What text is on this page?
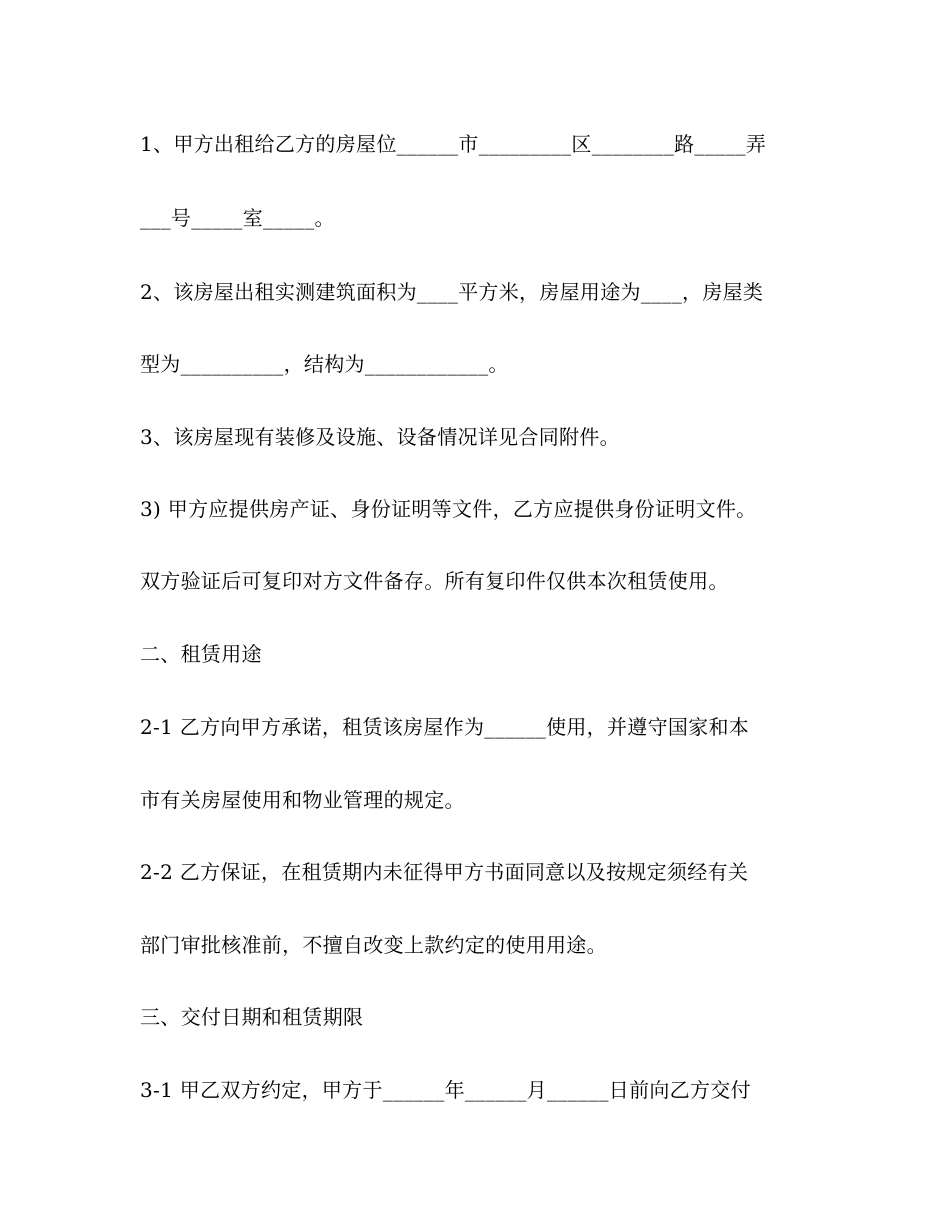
1、甲方出租给乙方的房屋位______市_________区________路_____弄

___号_____室_____。

2、该房屋出租实测建筑面积为____平方米，房屋用途为____，房屋类

型为__________，结构为____________。

3、该房屋现有装修及设施、设备情况详见合同附件。

3) 甲方应提供房产证、身份证明等文件，乙方应提供身份证明文件。

双方验证后可复印对方文件备存。所有复印件仅供本次租赁使用。

二、租赁用途

2-1 乙方向甲方承诺，租赁该房屋作为______使用，并遵守国家和本

市有关房屋使用和物业管理的规定。

2-2 乙方保证，在租赁期内未征得甲方书面同意以及按规定须经有关

部门审批核准前，不擅自改变上款约定的使用用途。

三、交付日期和租赁期限

3-1 甲乙双方约定，甲方于______年______月______日前向乙方交付
